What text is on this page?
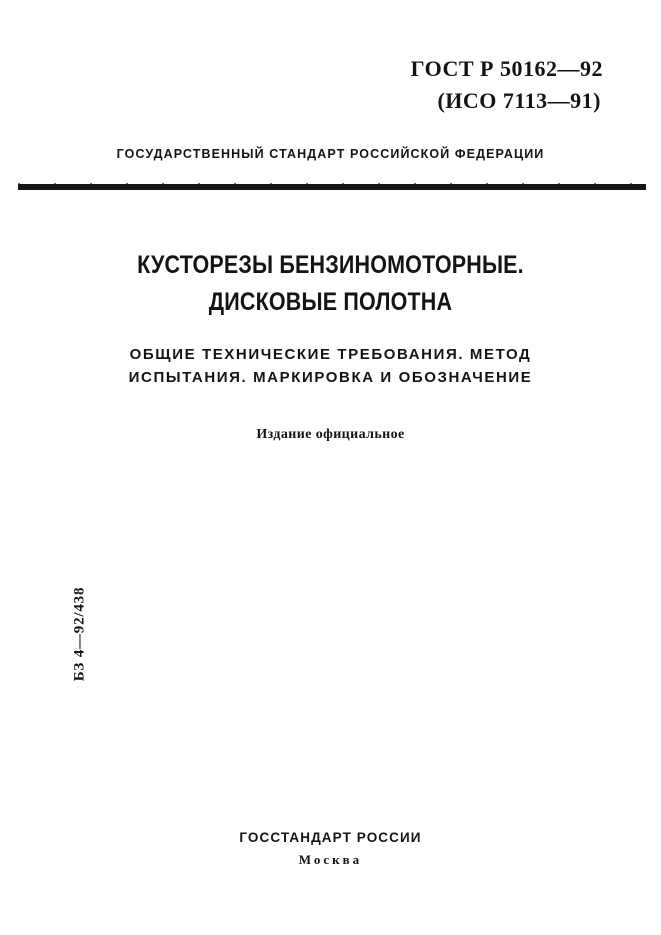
ГОСТ Р 50162—92
(ИСО 7113—91)
ГОСУДАРСТВЕННЫЙ СТАНДАРТ РОССИЙСКОЙ ФЕДЕРАЦИИ
КУСТОРЕЗЫ БЕНЗИНОМОТОРНЫЕ.
ДИСКОВЫЕ ПОЛОТНА
ОБЩИЕ ТЕХНИЧЕСКИЕ ТРЕБОВАНИЯ. МЕТОД
ИСПЫТАНИЯ. МАРКИРОВКА И ОБОЗНАЧЕНИЕ
Издание официальное
БЗ 4—92/438
ГОССТАНДАРТ РОССИИ
Москва
